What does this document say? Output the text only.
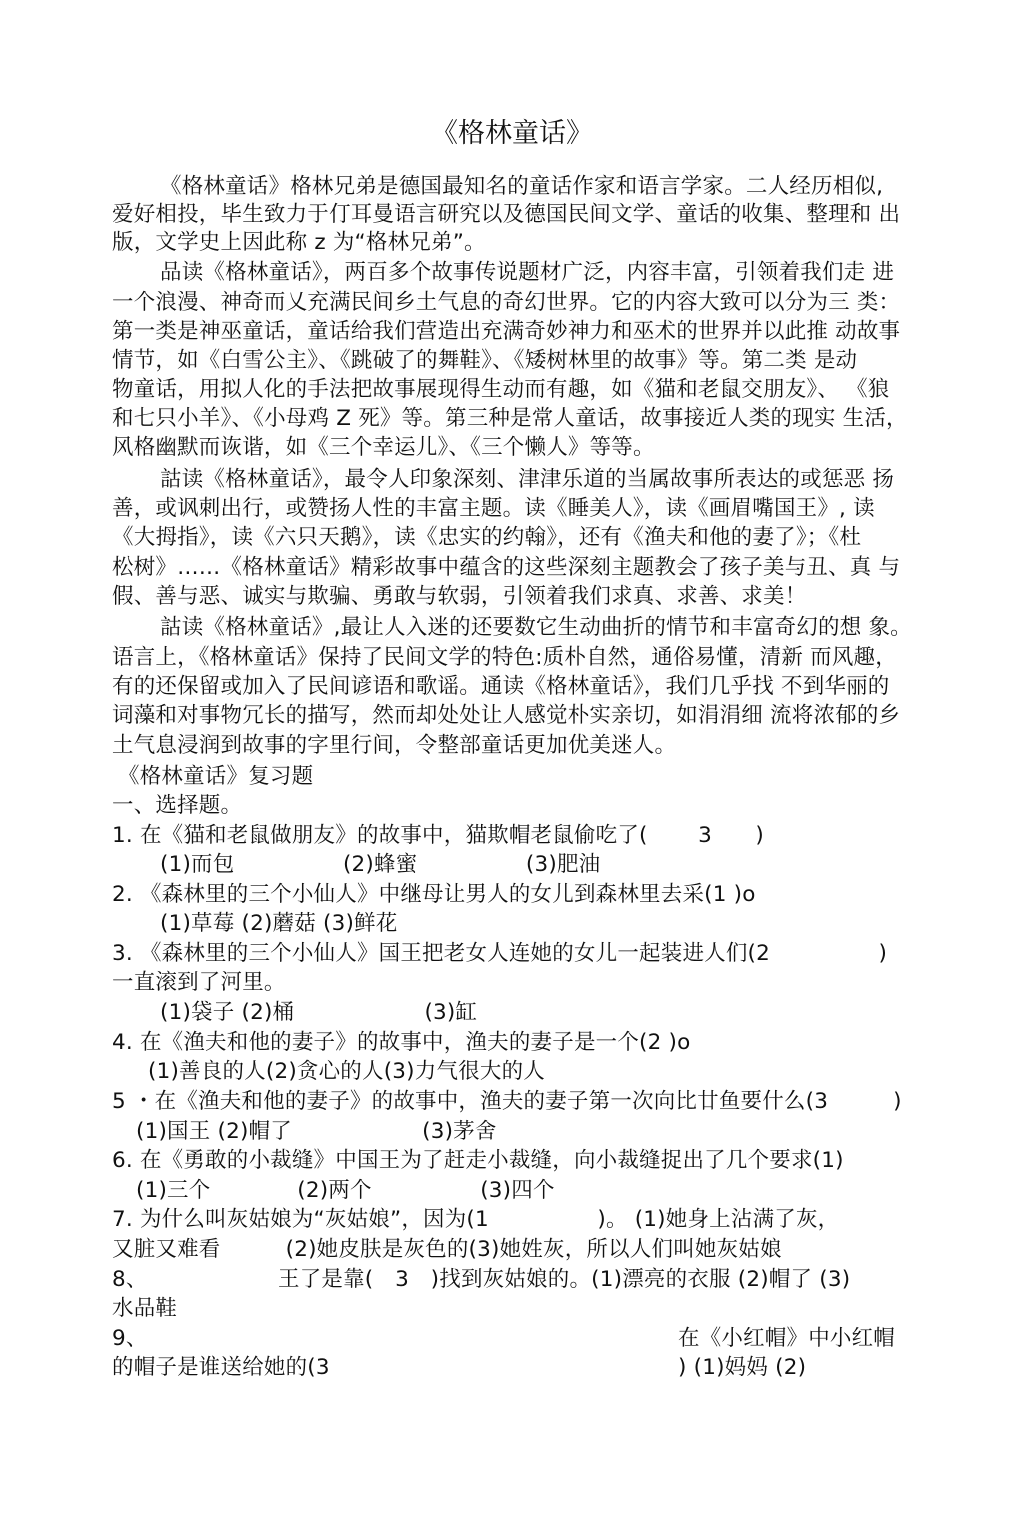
《格林童话》
《格林童话》格林兄弟是德国最知名的童话作家和语言学家。二人经历相似,
爱好相投，毕生致力于仃耳曼语言研究以及德国民间文学、童话的收集、整理和 出
版，文学史上因此称 z 为“格林兄弟”。
品读《格林童话》，两百多个故事传说题材广泛，内容丰富，引领着我们走 进
一个浪漫、神奇而乂充满民间乡土气息的奇幻世界。它的内容大致可以分为三 类：
第一类是神巫童话，童话给我们营造出充满奇妙神力和巫术的世界并以此推 动故事
情节，如《白雪公主》、《跳破了的舞鞋》、《矮树林里的故事》等。第二类 是动
物童话，用拟人化的手法把故事展现得生动而有趣，如《猫和老鼠交朋友》、 《狼
和七只小羊》、《小母鸡 Z 死》等。第三种是常人童话，故事接近人类的现实 生活，
风格幽默而诙谐，如《三个幸运儿》、《三个懒人》等等。
詁读《格林童话》，最令人印象深刻、津津乐道的当属故事所表达的或惩恶 扬
善，或讽刺出行，或赞扬人性的丰富主题。读《睡美人》，读《画眉嘴国王》, 读
《大拇指》，读《六只天鹅》，读《忠实的约翰》，还有《渔夫和他的妻了》；《杜
松树》……《格林童话》精彩故事中蕴含的这些深刻主题教会了孩子美与丑、真 与
假、善与恶、诚实与欺骗、勇敢与软弱，引领着我们求真、求善、求美！
詁读《格林童话》,最让人入迷的还要数它生动曲折的情节和丰富奇幻的想 象。
语言上，《格林童话》保持了民间文学的特色:质朴自然，通俗易懂，清新 而风趣，
有的还保留或加入了民间谚语和歌谣。通读《格林童话》，我们几乎找 不到华丽的
词藻和对事物冗长的描写，然而却处处让人感觉朴实亲切，如涓涓细 流将浓郁的乡
土气息浸润到故事的字里行间，令整部童话更加优美迷人。
《格林童话》复习题
一、选择题。
1. 在《猫和老鼠做朋友》的故事中，猫欺帽老鼠偷吃了(　　 3　　)
(1)而包　　　　　(2)蜂蜜　　　　　(3)肥油
2. 《森林里的三个小仙人》中继母让男人的女儿到森林里去采(1 )o
(1)草莓 (2)蘑菇 (3)鲜花
3. 《森林里的三个小仙人》国王把老女人连她的女儿一起装进人们(2　　　　　)
一直滚到了河里。
(1)袋子 (2)桶　　　　　　(3)缸
4. 在《渔夫和他的妻子》的故事中，渔夫的妻子是一个(2 )o
(1)善良的人(2)贪心的人(3)力气很大的人
5 ・在《渔夫和他的妻子》的故事中，渔夫的妻子第一次向比廿鱼要什么(3　　　)
(1)国王 (2)帽了　　　　　　(3)茅舍
6. 在《勇敢的小裁缝》中国王为了赶走小裁缝，向小裁缝捉出了几个要求(1)
(1)三个　　　　(2)两个　　　　　(3)四个
7. 为什么叫灰姑娘为“灰姑娘”，因为(1　　　　　)。 (1)她身上沾满了灰，
又脏又难看　　　(2)她皮肤是灰色的(3)她姓灰，所以人们叫她灰姑娘
8、	王了是靠(　3　)找到灰姑娘的。(1)漂亮的衣服 (2)帽了 (3)
水品鞋
9、	在《小红帽》中小红帽
的帽子是谁送给她的(3	) (1)妈妈 (2)
